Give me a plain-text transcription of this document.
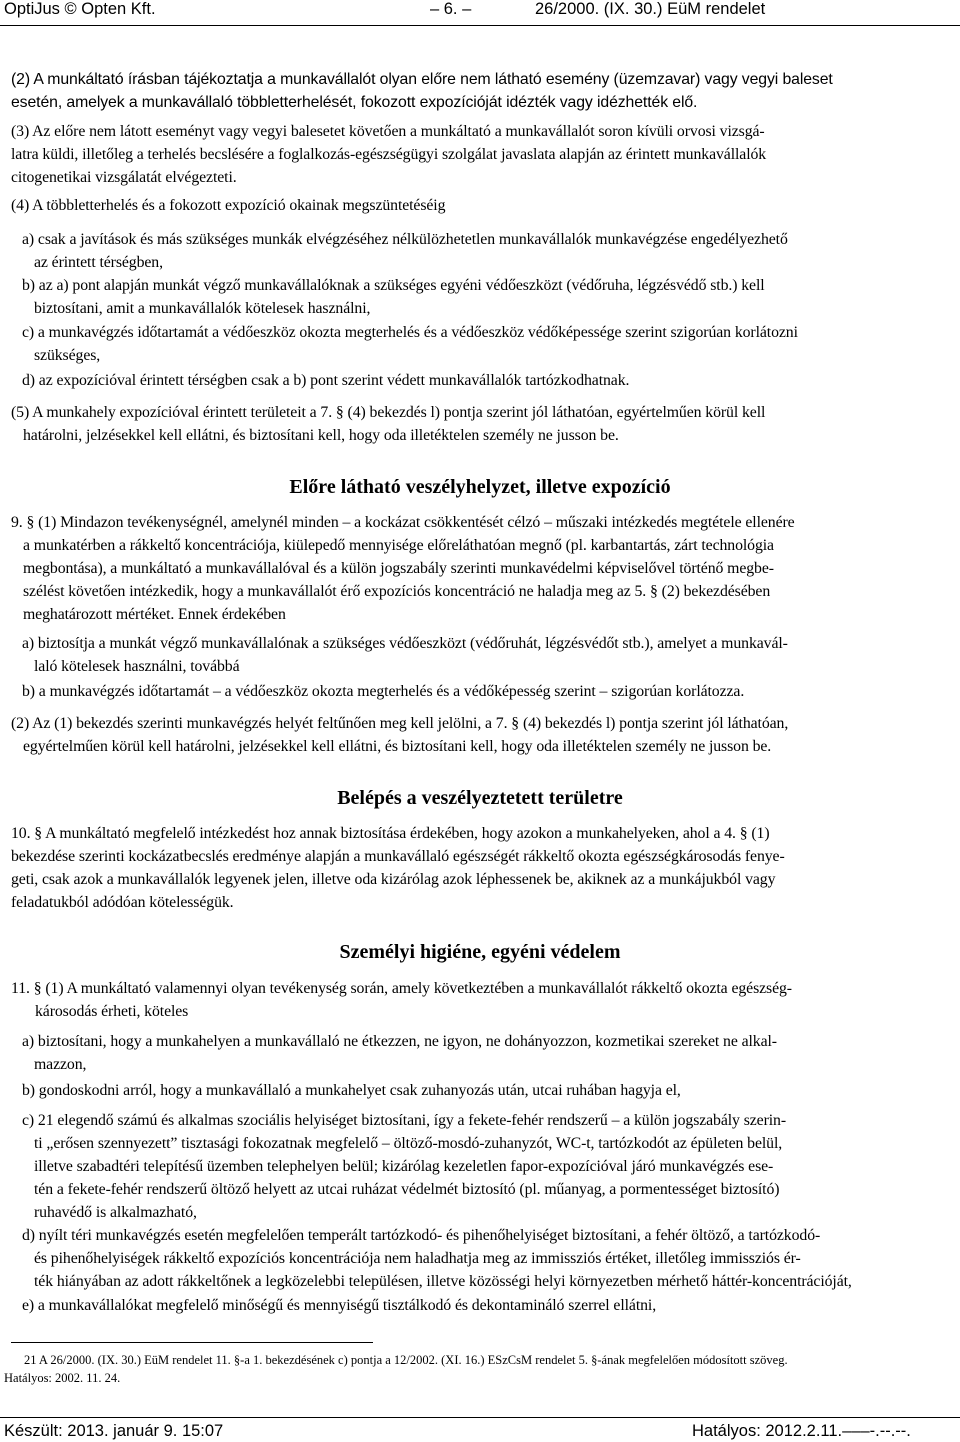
OptiJus © Opten Kft.	– 6. –	26/2000. (IX. 30.) EüM rendelet
(2) A munkáltató írásban tájékoztatja a munkavállalót olyan előre nem látható esemény (üzemzavar) vagy vegyi baleset
esetén, amelyek a munkavállaló többletterhelését, fokozott expozícióját idézték vagy idézhették elő.
(3) Az előre nem látott eseményt vagy vegyi balesetet követően a munkáltató a munkavállalót soron kívüli orvosi vizsgá-
latra küldi, illetőleg a terhelés becslésére a foglalkozás-egészségügyi szolgálat javaslata alapján az érintett munkavállalók
citogenetikai vizsgálatát elvégezteti.
(4) A többletterhelés és a fokozott expozíció okainak megszüntetéséig
a) csak a javítások és más szükséges munkák elvégzéséhez nélkülözhetetlen munkavállalók munkavégzése engedélyezhető
az érintett térségben,
b) az a) pont alapján munkát végző munkavállalóknak a szükséges egyéni védőeszközt (védőruha, légzésvédő stb.) kell
biztosítani, amit a munkavállalók kötelesek használni,
c) a munkavégzés időtartamát a védőeszköz okozta megterhelés és a védőeszköz védőképessége szerint szigorúan korlátozni
szükséges,
d) az expozícióval érintett térségben csak a b) pont szerint védett munkavállalók tartózkodhatnak.
(5) A munkahely expozícióval érintett területeit a 7. § (4) bekezdés l) pontja szerint jól láthatóan, egyértelműen körül kell
határolni, jelzésekkel kell ellátni, és biztosítani kell, hogy oda illetéktelen személy ne jusson be.
Előre látható veszélyhelyzet, illetve expozíció
9. § (1) Mindazon tevékenységnél, amelynél minden – a kockázat csökkentését célzó – műszaki intézkedés megtétele ellenére
a munkatérben a rákkeltő koncentrációja, kiülepedő mennyisége előreláthatóan megnő (pl. karbantartás, zárt technológia
megbontása), a munkáltató a munkavállalóval és a külön jogszabály szerinti munkavédelmi képviselővel történő megbe-
szélést követően intézkedik, hogy a munkavállalót érő expozíciós koncentráció ne haladja meg az 5. § (2) bekezdésében
meghatározott mértéket. Ennek érdekében
a) biztosítja a munkát végző munkavállalónak a szükséges védőeszközt (védőruhát, légzésvédőt stb.), amelyet a munkavál-
laló kötelesek használni, továbbá
b) a munkavégzés időtartamát – a védőeszköz okozta megterhelés és a védőképesség szerint – szigorúan korlátozza.
(2) Az (1) bekezdés szerinti munkavégzés helyét feltűnően meg kell jelölni, a 7. § (4) bekezdés l) pontja szerint jól láthatóan,
egyértelműen körül kell határolni, jelzésekkel kell ellátni, és biztosítani kell, hogy oda illetéktelen személy ne jusson be.
Belépés a veszélyeztetett területre
10. § A munkáltató megfelelő intézkedést hoz annak biztosítása érdekében, hogy azokon a munkahelyeken, ahol a 4. § (1)
bekezdése szerinti kockázatbecslés eredménye alapján a munkavállaló egészségét rákkeltő okozta egészségkárosodás fenye-
geti, csak azok a munkavállalók legyenek jelen, illetve oda kizárólag azok léphessenek be, akiknek az a munkájukból vagy
feladatukból adódóan kötelességük.
Személyi higiéne, egyéni védelem
11. § (1) A munkáltató valamennyi olyan tevékenység során, amely következtében a munkavállalót rákkeltő okozta egészség-
károsodás érheti, köteles
a) biztosítani, hogy a munkahelyen a munkavállaló ne étkezzen, ne igyon, ne dohányozzon, kozmetikai szereket ne alkal-
mazzon,
b) gondoskodni arról, hogy a munkavállaló a munkahelyet csak zuhanyozás után, utcai ruhában hagyja el,
c) 21 elegendő számú és alkalmas szociális helyiséget biztosítani, így a fekete-fehér rendszerű – a külön jogszabály szerin-
ti „erősen szennyezett” tisztasági fokozatnak megfelelő – öltöző-mosdó-zuhanyzót, WC-t, tartózkodót az épületen belül,
illetve szabadtéri telepítésű üzemben telephelyen belül; kizárólag kezeletlen fapor-expozícióval járó munkavégzés ese-
tén a fekete-fehér rendszerű öltöző helyett az utcai ruházat védelmét biztosító (pl. műanyag, a pormentességet biztosító)
ruhavédő is alkalmazható,
d) nyílt téri munkavégzés esetén megfelelően temperált tartózkodó- és pihenőhelyiséget biztosítani, a fehér öltöző, a tartózkodó-
és pihenőhelyiségek rákkeltő expozíciós koncentrációja nem haladhatja meg az immissziós értéket, illetőleg immissziós ér-
ték hiányában az adott rákkeltőnek a legközelebbi településen, illetve közösségi helyi környezetben mérhető háttér-koncentrációját,
e) a munkavállalókat megfelelő minőségű és mennyiségű tisztálkodó és dekontamináló szerrel ellátni,
21 A 26/2000. (IX. 30.) EüM rendelet 11. §-a 1. bekezdésének c) pontja a 12/2002. (XI. 16.) ESzCsM rendelet 5. §-ának megfelelően módosított szöveg.
Hatályos: 2002. 11. 24.
Készült: 2013. január 9. 15:07	Hatályos: 2012.2.11.–––-.--.--.
